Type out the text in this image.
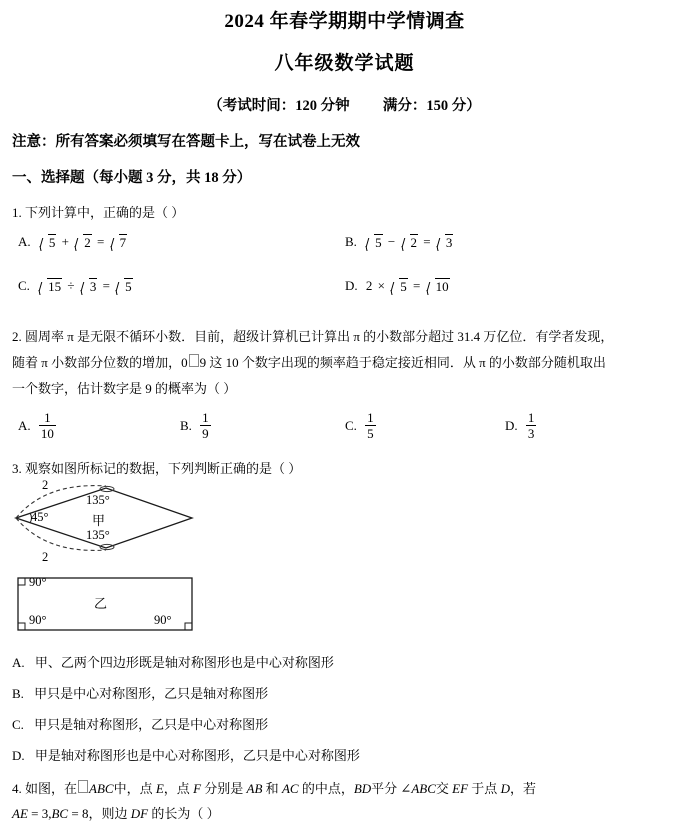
2024 年春学期期中学情调查
八年级数学试题
（考试时间：120 分钟 满分：150 分）
注意：所有答案必须填写在答题卡上，写在试卷上无效
一、选择题（每小题 3 分，共 18 分）
1. 下列计算中，正确的是（ ）
A. 5 + 2 = 7	B. 5 − 2 = 3
C. 15 ÷ 3 = 5	D. 2 × 5 = 10
2. 圆周率 π 是无限不循环小数．目前，超级计算机已计算出 π 的小数部分超过 31.4 万亿位．有学者发现，
随着 π 小数部分位数的增加，0 9 这 10 个数字出现的频率趋于稳定接近相同．从 π 的小数部分随机取出
一个数字，估计数字是 9 的概率为（ ）
A. $\frac{1}{10}$	B. $\frac{1}{9}$	C. $\frac{1}{5}$	D. $\frac{1}{3}$
3. 观察如图所标记的数据，下列判断正确的是（ ）
2
2
45°
135°
135°
甲
90°
90°	90°
乙
A. 甲、乙两个四边形既是轴对称图形也是中心对称图形
B. 甲只是中心对称图形，乙只是轴对称图形
C. 甲只是轴对称图形，乙只是中心对称图形
D. 甲是轴对称图形也是中心对称图形，乙只是中心对称图形
4. 如图，在 ABC中，点 E，点 F 分别是 AB 和 AC 的中点，BD平分 ∠ABC交 EF 于点 D，若
AE = 3,BC = 8，则边 DF 的长为（ ）
